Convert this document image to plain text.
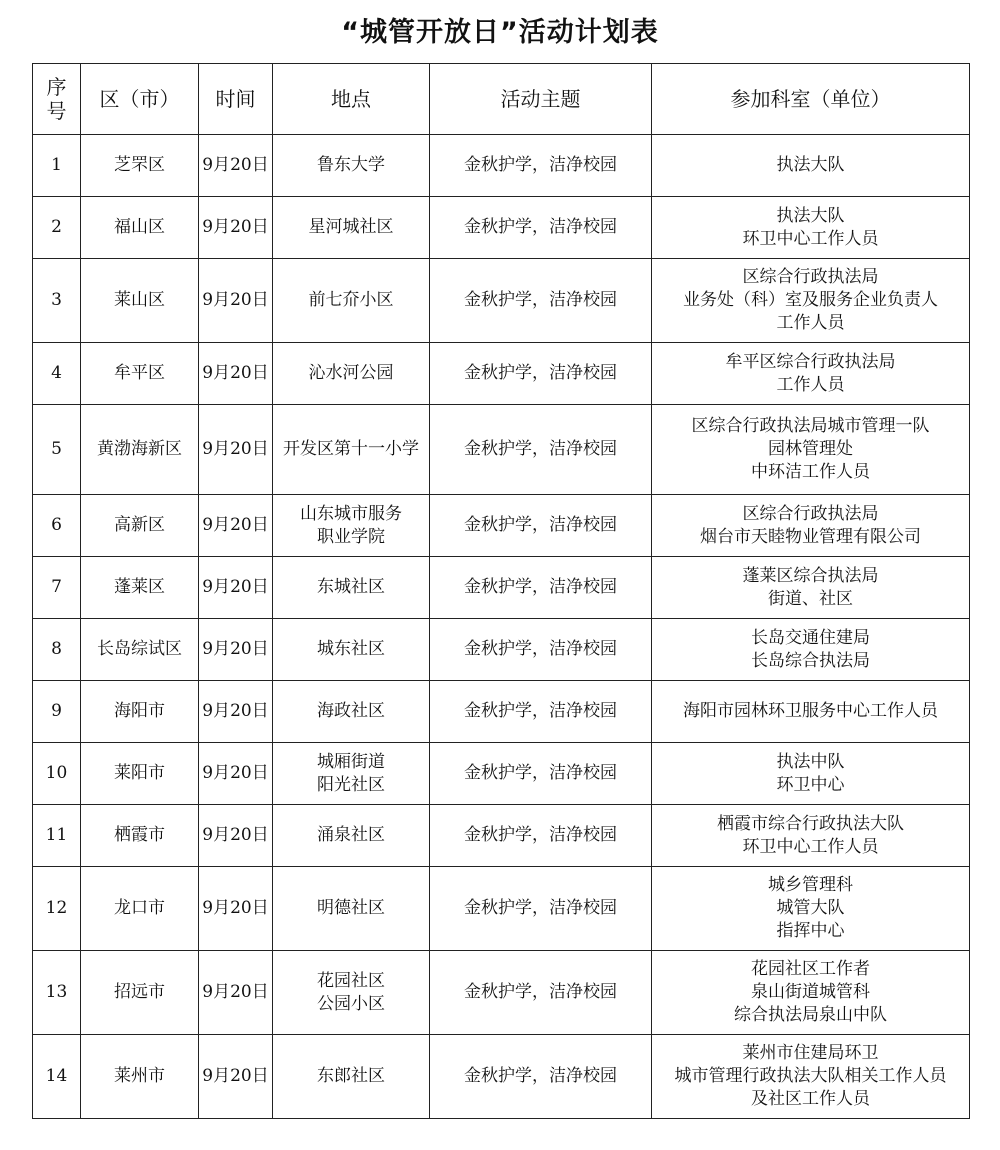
“城管开放日”活动计划表
序
号	区（市）	时间	地点	活动主题	参加科室（单位）
1	芝罘区	9月20日	鲁东大学	金秋护学，洁净校园	执法大队

2	福山区	9月20日	星河城社区	金秋护学，洁净校园	执法大队
环卫中心工作人员

3	莱山区	9月20日	前七夼小区	金秋护学，洁净校园	区综合行政执法局
业务处（科）室及服务企业负责人
工作人员

4	牟平区	9月20日	沁水河公园	金秋护学，洁净校园	牟平区综合行政执法局
工作人员

5	黄渤海新区	9月20日	开发区第十一小学	金秋护学，洁净校园	区综合行政执法局城市管理一队
园林管理处
中环洁工作人员

6	高新区	9月20日	山东城市服务
职业学院	金秋护学，洁净校园	区综合行政执法局
烟台市天睦物业管理有限公司

7	蓬莱区	9月20日	东城社区	金秋护学，洁净校园	蓬莱区综合执法局
街道、社区

8	长岛综试区	9月20日	城东社区	金秋护学，洁净校园	长岛交通住建局
长岛综合执法局

9	海阳市	9月20日	海政社区	金秋护学，洁净校园	海阳市园林环卫服务中心工作人员

10	莱阳市	9月20日	城厢街道
阳光社区	金秋护学，洁净校园	执法中队
环卫中心

11	栖霞市	9月20日	涌泉社区	金秋护学，洁净校园	栖霞市综合行政执法大队
环卫中心工作人员

12	龙口市	9月20日	明德社区	金秋护学，洁净校园	城乡管理科
城管大队
指挥中心

13	招远市	9月20日	花园社区
公园小区	金秋护学，洁净校园	花园社区工作者
泉山街道城管科
综合执法局泉山中队

14	莱州市	9月20日	东郎社区	金秋护学，洁净校园	莱州市住建局环卫
城市管理行政执法大队相关工作人员
及社区工作人员
